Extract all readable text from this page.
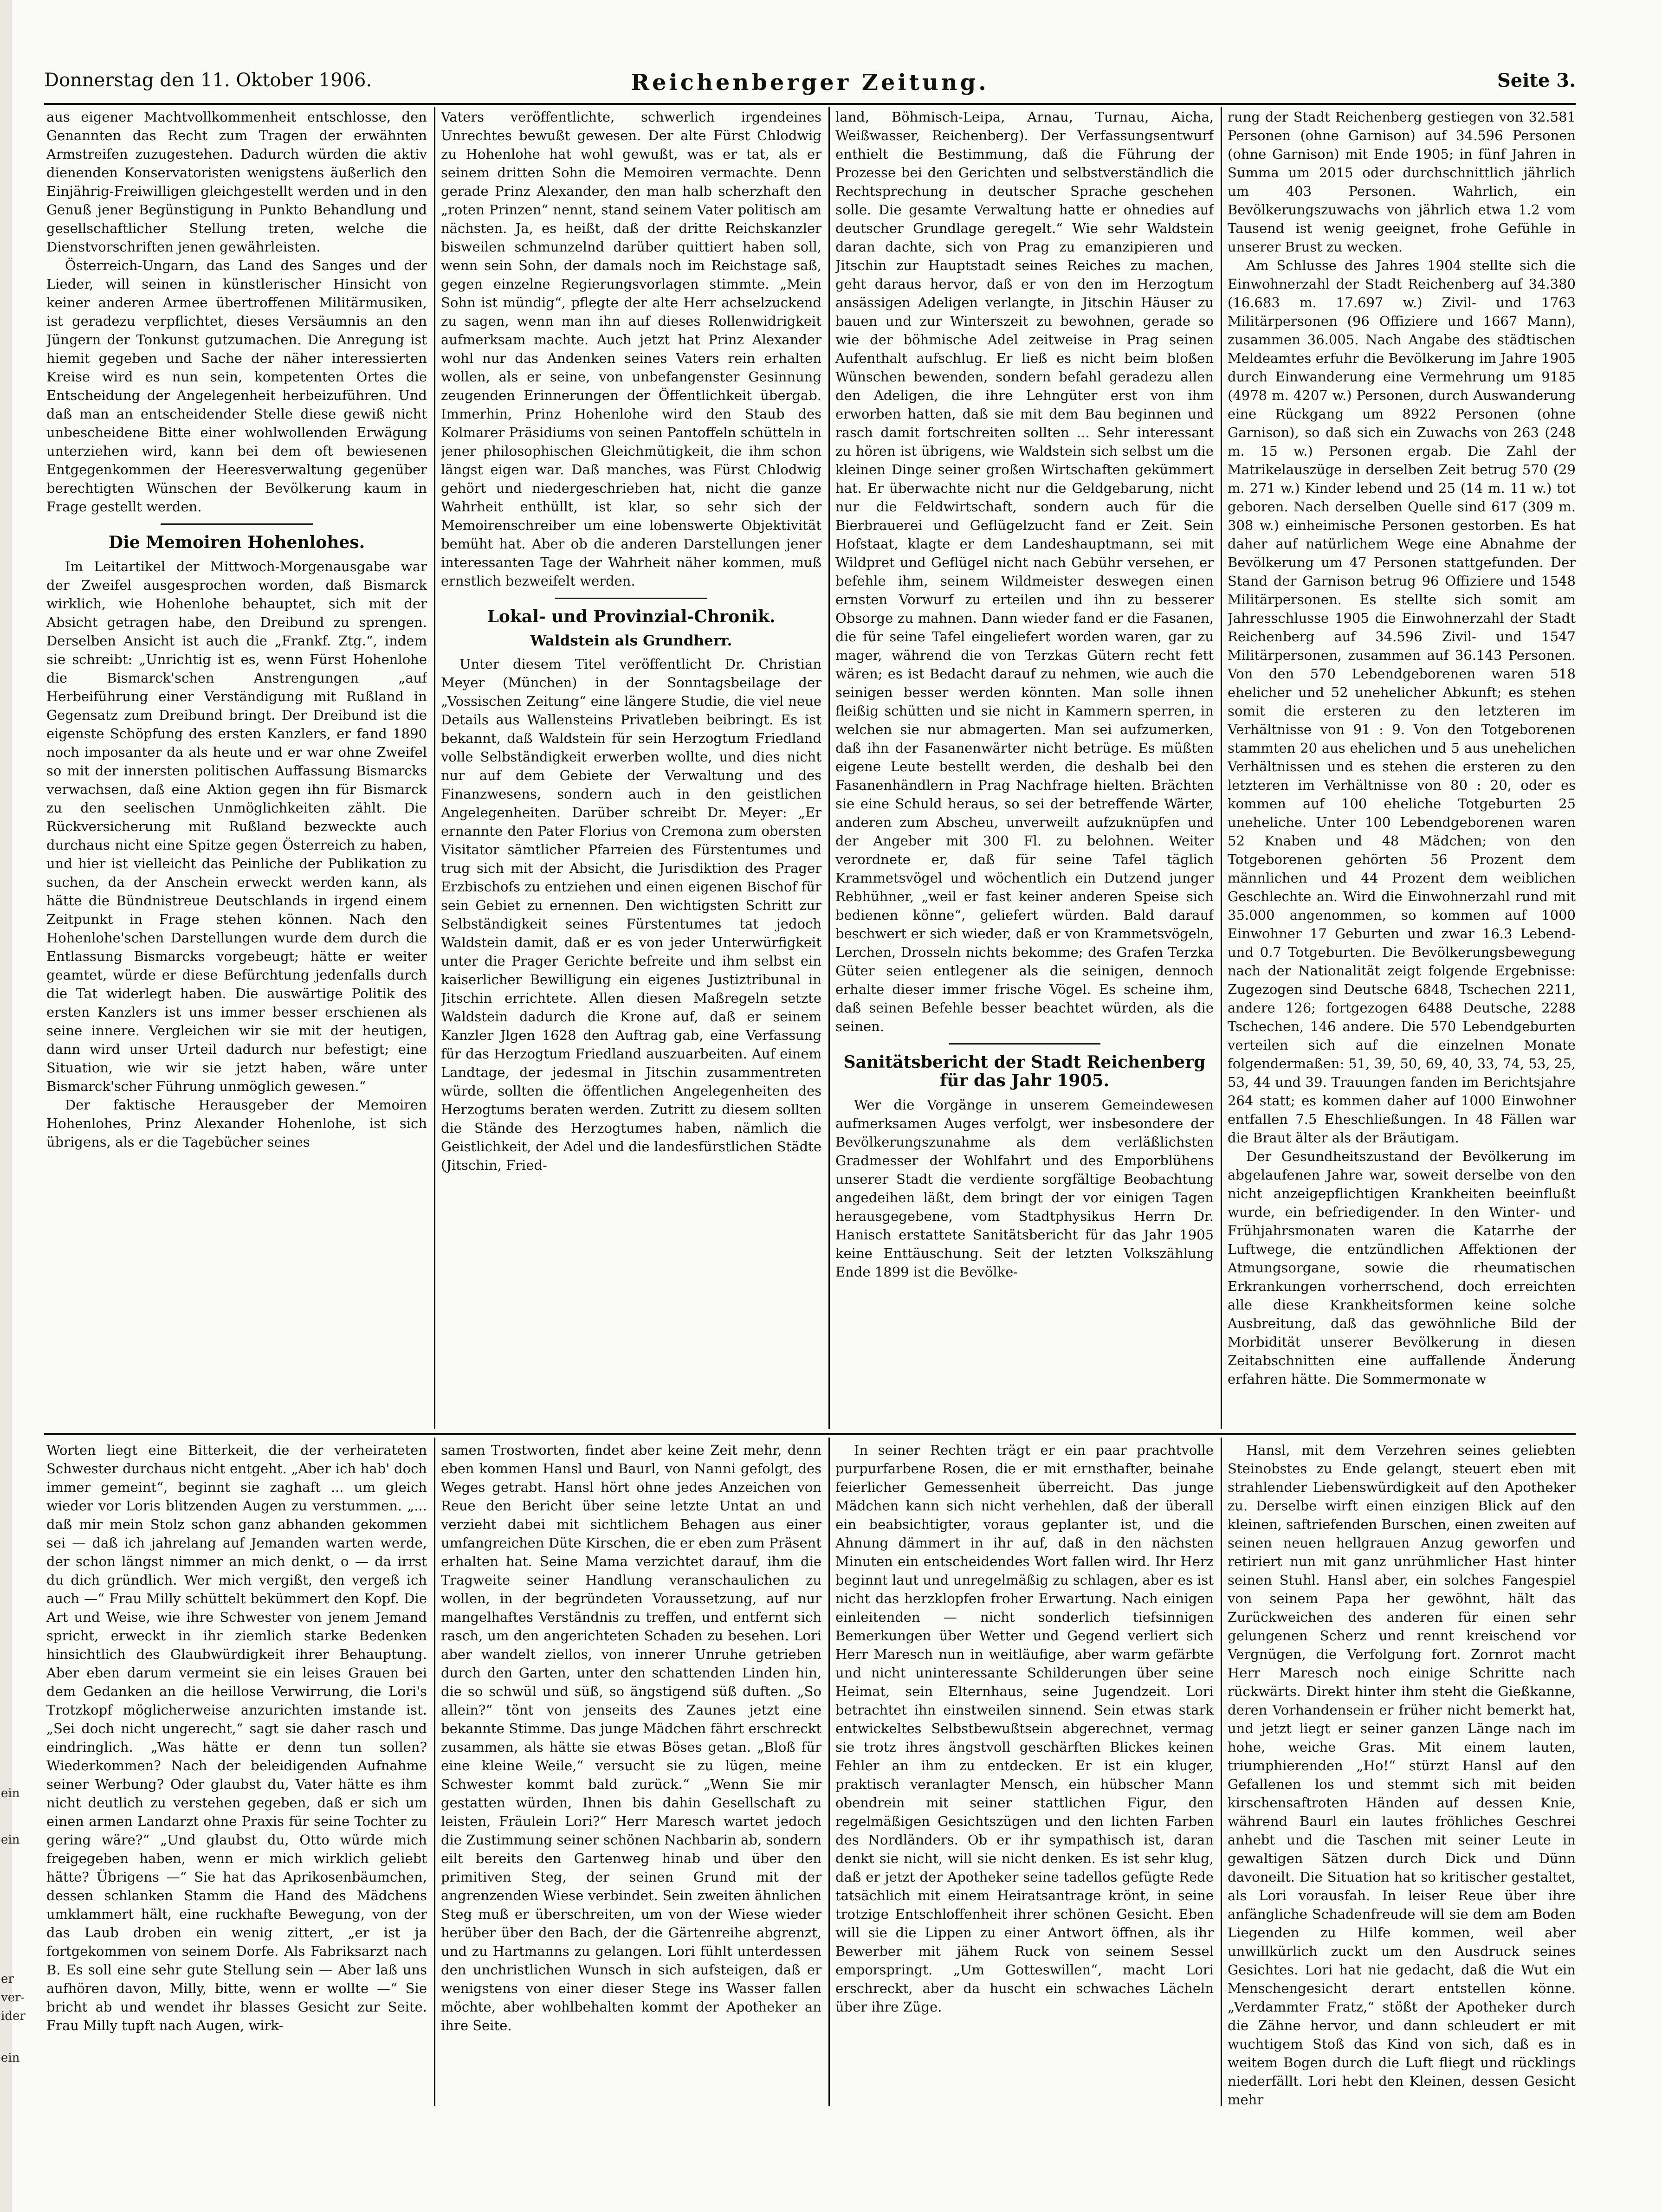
ein
ein
er
ver-
ider
ein
Donnerstag den 11. Oktober 1906.	Reichenberger Zeitung.	Seite 3.

aus eigener Machtvollkommenheit entschlosse, den Genannten das Recht zum Tragen der erwähnten Armstreifen zuzugestehen. Dadurch würden die aktiv dienenden Konservatoristen wenigstens äußerlich den Einjährig-Freiwilligen gleichgestellt werden und in den Genuß jener Begünstigung in Punkto Behandlung und gesellschaftlicher Stellung treten, welche die Dienstvorschriften jenen gewährleisten.

Österreich-Ungarn, das Land des Sanges und der Lieder, will seinen in künstlerischer Hinsicht von keiner anderen Armee übertroffenen Militärmusiken, ist geradezu verpflichtet, dieses Versäumnis an den Jüngern der Tonkunst gutzumachen. Die Anregung ist hiemit gegeben und Sache der näher interessierten Kreise wird es nun sein, kompetenten Ortes die Entscheidung der Angelegenheit herbeizuführen. Und daß man an entscheidender Stelle diese gewiß nicht unbescheidene Bitte einer wohlwollenden Erwägung unterziehen wird, kann bei dem oft bewiesenen Entgegenkommen der Heeresverwaltung gegenüber berechtigten Wünschen der Bevölkerung kaum in Frage gestellt werden.

Die Memoiren Hohenlohes.

Im Leitartikel der Mittwoch-Morgenausgabe war der Zweifel ausgesprochen worden, daß Bismarck wirklich, wie Hohenlohe behauptet, sich mit der Absicht getragen habe, den Dreibund zu sprengen. Derselben Ansicht ist auch die „Frankf. Ztg.“, indem sie schreibt: „Unrichtig ist es, wenn Fürst Hohenlohe die Bismarck'schen Anstrengungen „auf Herbeiführung einer Verständigung mit Rußland in Gegensatz zum Dreibund bringt. Der Dreibund ist die eigenste Schöpfung des ersten Kanzlers, er fand 1890 noch imposanter da als heute und er war ohne Zweifel so mit der innersten politischen Auffassung Bismarcks verwachsen, daß eine Aktion gegen ihn für Bismarck zu den seelischen Unmöglichkeiten zählt. Die Rückversicherung mit Rußland bezweckte auch durchaus nicht eine Spitze gegen Österreich zu haben, und hier ist vielleicht das Peinliche der Publikation zu suchen, da der Anschein erweckt werden kann, als hätte die Bündnistreue Deutschlands in irgend einem Zeitpunkt in Frage stehen können. Nach den Hohenlohe'schen Darstellungen wurde dem durch die Entlassung Bismarcks vorgebeugt; hätte er weiter geamtet, würde er diese Befürchtung jedenfalls durch die Tat widerlegt haben. Die auswärtige Politik des ersten Kanzlers ist uns immer besser erschienen als seine innere. Vergleichen wir sie mit der heutigen, dann wird unser Urteil dadurch nur befestigt; eine Situation, wie wir sie jetzt haben, wäre unter Bismarck'scher Führung unmöglich gewesen.“

Der faktische Herausgeber der Memoiren Hohenlohes, Prinz Alexander Hohenlohe, ist sich übrigens, als er die Tagebücher seines

Vaters veröffentlichte, schwerlich irgendeines Unrechtes bewußt gewesen. Der alte Fürst Chlodwig zu Hohenlohe hat wohl gewußt, was er tat, als er seinem dritten Sohn die Memoiren vermachte. Denn gerade Prinz Alexander, den man halb scherzhaft den „roten Prinzen“ nennt, stand seinem Vater politisch am nächsten. Ja, es heißt, daß der dritte Reichskanzler bisweilen schmunzelnd darüber quittiert haben soll, wenn sein Sohn, der damals noch im Reichstage saß, gegen einzelne Regierungsvorlagen stimmte. „Mein Sohn ist mündig“, pflegte der alte Herr achselzuckend zu sagen, wenn man ihn auf dieses Rollenwidrigkeit aufmerksam machte. Auch jetzt hat Prinz Alexander wohl nur das Andenken seines Vaters rein erhalten wollen, als er seine, von unbefangenster Gesinnung zeugenden Erinnerungen der Öffentlichkeit übergab. Immerhin, Prinz Hohenlohe wird den Staub des Kolmarer Präsidiums von seinen Pantoffeln schütteln in jener philosophischen Gleichmütigkeit, die ihm schon längst eigen war. Daß manches, was Fürst Chlodwig gehört und niedergeschrieben hat, nicht die ganze Wahrheit enthüllt, ist klar, so sehr sich der Memoirenschreiber um eine lobenswerte Objektivität bemüht hat. Aber ob die anderen Darstellungen jener interessanten Tage der Wahrheit näher kommen, muß ernstlich bezweifelt werden.

Lokal- und Provinzial-Chronik.
Waldstein als Grundherr.

Unter diesem Titel veröffentlicht Dr. Christian Meyer (München) in der Sonntagsbeilage der „Vossischen Zeitung“ eine längere Studie, die viel neue Details aus Wallensteins Privatleben beibringt. Es ist bekannt, daß Waldstein für sein Herzogtum Friedland volle Selbständigkeit erwerben wollte, und dies nicht nur auf dem Gebiete der Verwaltung und des Finanzwesens, sondern auch in den geistlichen Angelegenheiten. Darüber schreibt Dr. Meyer: „Er ernannte den Pater Florius von Cremona zum obersten Visitator sämtlicher Pfarreien des Fürstentumes und trug sich mit der Absicht, die Jurisdiktion des Prager Erzbischofs zu entziehen und einen eigenen Bischof für sein Gebiet zu ernennen. Den wichtigsten Schritt zur Selbständigkeit seines Fürstentumes tat jedoch Waldstein damit, daß er es von jeder Unterwürfigkeit unter die Prager Gerichte befreite und ihm selbst ein kaiserlicher Bewilligung ein eigenes Justiztribunal in Jitschin errichtete. Allen diesen Maßregeln setzte Waldstein dadurch die Krone auf, daß er seinem Kanzler Jlgen 1628 den Auftrag gab, eine Verfassung für das Herzogtum Friedland auszuarbeiten. Auf einem Landtage, der jedesmal in Jitschin zusammentreten würde, sollten die öffentlichen Angelegenheiten des Herzogtums beraten werden. Zutritt zu diesem sollten die Stände des Herzogtumes haben, nämlich die Geistlichkeit, der Adel und die landesfürstlichen Städte (Jitschin, Fried-

land, Böhmisch-Leipa, Arnau, Turnau, Aicha, Weißwasser, Reichenberg). Der Verfassungsentwurf enthielt die Bestimmung, daß die Führung der Prozesse bei den Gerichten und selbstverständlich die Rechtsprechung in deutscher Sprache geschehen solle. Die gesamte Verwaltung hatte er ohnedies auf deutscher Grundlage geregelt.“ Wie sehr Waldstein daran dachte, sich von Prag zu emanzipieren und Jitschin zur Hauptstadt seines Reiches zu machen, geht daraus hervor, daß er von den im Herzogtum ansässigen Adeligen verlangte, in Jitschin Häuser zu bauen und zur Winterszeit zu bewohnen, gerade so wie der böhmische Adel zeitweise in Prag seinen Aufenthalt aufschlug. Er ließ es nicht beim bloßen Wünschen bewenden, sondern befahl geradezu allen den Adeligen, die ihre Lehngüter erst von ihm erworben hatten, daß sie mit dem Bau beginnen und rasch damit fortschreiten sollten ... Sehr interessant zu hören ist übrigens, wie Waldstein sich selbst um die kleinen Dinge seiner großen Wirtschaften gekümmert hat. Er überwachte nicht nur die Geldgebarung, nicht nur die Feldwirtschaft, sondern auch für die Bierbrauerei und Geflügelzucht fand er Zeit. Sein Hofstaat, klagte er dem Landeshauptmann, sei mit Wildpret und Geflügel nicht nach Gebühr versehen, er befehle ihm, seinem Wildmeister deswegen einen ernsten Vorwurf zu erteilen und ihn zu besserer Obsorge zu mahnen. Dann wieder fand er die Fasanen, die für seine Tafel eingeliefert worden waren, gar zu mager, während die von Terzkas Gütern recht fett wären; es ist Bedacht darauf zu nehmen, wie auch die seinigen besser werden könnten. Man solle ihnen fleißig schütten und sie nicht in Kammern sperren, in welchen sie nur abmagerten. Man sei aufzumerken, daß ihn der Fasanenwärter nicht betrüge. Es müßten eigene Leute bestellt werden, die deshalb bei den Fasanenhändlern in Prag Nachfrage hielten. Brächten sie eine Schuld heraus, so sei der betreffende Wärter, anderen zum Abscheu, unverweilt aufzuknüpfen und der Angeber mit 300 Fl. zu belohnen. Weiter verordnete er, daß für seine Tafel täglich Krammetsvögel und wöchentlich ein Dutzend junger Rebhühner, „weil er fast keiner anderen Speise sich bedienen könne“, geliefert würden. Bald darauf beschwert er sich wieder, daß er von Krammetsvögeln, Lerchen, Drosseln nichts bekomme; des Grafen Terzka Güter seien entlegener als die seinigen, dennoch erhalte dieser immer frische Vögel. Es scheine ihm, daß seinen Befehle besser beachtet würden, als die seinen.

Sanitätsbericht der Stadt Reichenberg für das Jahr 1905.

Wer die Vorgänge in unserem Gemeindewesen aufmerksamen Auges verfolgt, wer insbesondere der Bevölkerungszunahme als dem verläßlichsten Gradmesser der Wohlfahrt und des Emporblühens unserer Stadt die verdiente sorgfältige Beobachtung angedeihen läßt, dem bringt der vor einigen Tagen herausgegebene, vom Stadtphysikus Herrn Dr. Hanisch erstattete Sanitätsbericht für das Jahr 1905 keine Enttäuschung. Seit der letzten Volkszählung Ende 1899 ist die Bevölke-

rung der Stadt Reichenberg gestiegen von 32.581 Personen (ohne Garnison) auf 34.596 Personen (ohne Garnison) mit Ende 1905; in fünf Jahren in Summa um 2015 oder durchschnittlich jährlich um 403 Personen. Wahrlich, ein Bevölkerungszuwachs von jährlich etwa 1.2 vom Tausend ist wenig geeignet, frohe Gefühle in unserer Brust zu wecken.

Am Schlusse des Jahres 1904 stellte sich die Einwohnerzahl der Stadt Reichenberg auf 34.380 (16.683 m. 17.697 w.) Zivil- und 1763 Militärpersonen (96 Offiziere und 1667 Mann), zusammen 36.005. Nach Angabe des städtischen Meldeamtes erfuhr die Bevölkerung im Jahre 1905 durch Einwanderung eine Vermehrung um 9185 (4978 m. 4207 w.) Personen, durch Auswanderung eine Rückgang um 8922 Personen (ohne Garnison), so daß sich ein Zuwachs von 263 (248 m. 15 w.) Personen ergab. Die Zahl der Matrikelauszüge in derselben Zeit betrug 570 (29 m. 271 w.) Kinder lebend und 25 (14 m. 11 w.) tot geboren. Nach derselben Quelle sind 617 (309 m. 308 w.) einheimische Personen gestorben. Es hat daher auf natürlichem Wege eine Abnahme der Bevölkerung um 47 Personen stattgefunden. Der Stand der Garnison betrug 96 Offiziere und 1548 Militärpersonen. Es stellte sich somit am Jahresschlusse 1905 die Einwohnerzahl der Stadt Reichenberg auf 34.596 Zivil- und 1547 Militärpersonen, zusammen auf 36.143 Personen. Von den 570 Lebendgeborenen waren 518 ehelicher und 52 unehelicher Abkunft; es stehen somit die ersteren zu den letzteren im Verhältnisse von 91 : 9. Von den Totgeborenen stammten 20 aus ehelichen und 5 aus unehelichen Verhältnissen und es stehen die ersteren zu den letzteren im Verhältnisse von 80 : 20, oder es kommen auf 100 eheliche Totgeburten 25 uneheliche. Unter 100 Lebendgeborenen waren 52 Knaben und 48 Mädchen; von den Totgeborenen gehörten 56 Prozent dem männlichen und 44 Prozent dem weiblichen Geschlechte an. Wird die Einwohnerzahl rund mit 35.000 angenommen, so kommen auf 1000 Einwohner 17 Geburten und zwar 16.3 Lebend- und 0.7 Totgeburten. Die Bevölkerungsbewegung nach der Nationalität zeigt folgende Ergebnisse: Zugezogen sind Deutsche 6848, Tschechen 2211, andere 126; fortgezogen 6488 Deutsche, 2288 Tschechen, 146 andere. Die 570 Lebendgeburten verteilen sich auf die einzelnen Monate folgendermaßen: 51, 39, 50, 69, 40, 33, 74, 53, 25, 53, 44 und 39. Trauungen fanden im Berichtsjahre 264 statt; es kommen daher auf 1000 Einwohner entfallen 7.5 Eheschließungen. In 48 Fällen war die Braut älter als der Bräutigam.

Der Gesundheitszustand der Bevölkerung im abgelaufenen Jahre war, soweit derselbe von den nicht anzeigepflichtigen Krankheiten beeinflußt wurde, ein befriedigender. In den Winter- und Frühjahrsmonaten waren die Katarrhe der Luftwege, die entzündlichen Affektionen der Atmungsorgane, sowie die rheumatischen Erkrankungen vorherrschend, doch erreichten alle diese Krankheitsformen keine solche Ausbreitung, daß das gewöhnliche Bild der Morbidität unserer Bevölkerung in diesen Zeitabschnitten eine auffallende Änderung erfahren hätte. Die Sommermonate w

Worten liegt eine Bitterkeit, die der verheirateten Schwester durchaus nicht entgeht. „Aber ich hab' doch immer gemeint“, beginnt sie zaghaft ... um gleich wieder vor Loris blitzenden Augen zu verstummen. „... daß mir mein Stolz schon ganz abhanden gekommen sei — daß ich jahrelang auf Jemanden warten werde, der schon längst nimmer an mich denkt, o — da irrst du dich gründlich. Wer mich vergißt, den vergeß ich auch —“ Frau Milly schüttelt bekümmert den Kopf. Die Art und Weise, wie ihre Schwester von jenem Jemand spricht, erweckt in ihr ziemlich starke Bedenken hinsichtlich des Glaubwürdigkeit ihrer Behauptung. Aber eben darum vermeint sie ein leises Grauen bei dem Gedanken an die heillose Verwirrung, die Lori's Trotzkopf möglicherweise anzurichten imstande ist. „Sei doch nicht ungerecht,“ sagt sie daher rasch und eindringlich. „Was hätte er denn tun sollen? Wiederkommen? Nach der beleidigenden Aufnahme seiner Werbung? Oder glaubst du, Vater hätte es ihm nicht deutlich zu verstehen gegeben, daß er sich um einen armen Landarzt ohne Praxis für seine Tochter zu gering wäre?“ „Und glaubst du, Otto würde mich freigegeben haben, wenn er mich wirklich geliebt hätte? Übrigens —“ Sie hat das Aprikosenbäumchen, dessen schlanken Stamm die Hand des Mädchens umklammert hält, eine ruckhafte Bewegung, von der das Laub droben ein wenig zittert, „er ist ja fortgekommen von seinem Dorfe. Als Fabriksarzt nach B. Es soll eine sehr gute Stellung sein — Aber laß uns aufhören davon, Milly, bitte, wenn er wollte —“ Sie bricht ab und wendet ihr blasses Gesicht zur Seite. Frau Milly tupft nach Augen, wirk-

samen Trostworten, findet aber keine Zeit mehr, denn eben kommen Hansl und Baurl, von Nanni gefolgt, des Weges getrabt. Hansl hört ohne jedes Anzeichen von Reue den Bericht über seine letzte Untat an und verzieht dabei mit sichtlichem Behagen aus einer umfangreichen Düte Kirschen, die er eben zum Präsent erhalten hat. Seine Mama verzichtet darauf, ihm die Tragweite seiner Handlung veranschaulichen zu wollen, in der begründeten Voraussetzung, auf nur mangelhaftes Verständnis zu treffen, und entfernt sich rasch, um den angerichteten Schaden zu besehen. Lori aber wandelt ziellos, von innerer Unruhe getrieben durch den Garten, unter den schattenden Linden hin, die so schwül und süß, so ängstigend süß duften. „So allein?“ tönt von jenseits des Zaunes jetzt eine bekannte Stimme. Das junge Mädchen fährt erschreckt zusammen, als hätte sie etwas Böses getan. „Bloß für eine kleine Weile,“ versucht sie zu lügen, meine Schwester kommt bald zurück.“ „Wenn Sie mir gestatten würden, Ihnen bis dahin Gesellschaft zu leisten, Fräulein Lori?“ Herr Maresch wartet jedoch die Zustimmung seiner schönen Nachbarin ab, sondern eilt bereits den Gartenweg hinab und über den primitiven Steg, der seinen Grund mit der angrenzenden Wiese verbindet. Sein zweiten ähnlichen Steg muß er überschreiten, um von der Wiese wieder herüber über den Bach, der die Gärtenreihe abgrenzt, und zu Hartmanns zu gelangen. Lori fühlt unterdessen den unchristlichen Wunsch in sich aufsteigen, daß er wenigstens von einer dieser Stege ins Wasser fallen möchte, aber wohlbehalten kommt der Apotheker an ihre Seite.

In seiner Rechten trägt er ein paar prachtvolle purpurfarbene Rosen, die er mit ernsthafter, beinahe feierlicher Gemessenheit überreicht. Das junge Mädchen kann sich nicht verhehlen, daß der überall ein beabsichtigter, voraus geplanter ist, und die Ahnung dämmert in ihr auf, daß in den nächsten Minuten ein entscheidendes Wort fallen wird. Ihr Herz beginnt laut und unregelmäßig zu schlagen, aber es ist nicht das herzklopfen froher Erwartung. Nach einigen einleitenden — nicht sonderlich tiefsinnigen Bemerkungen über Wetter und Gegend verliert sich Herr Maresch nun in weitläufige, aber warm gefärbte und nicht uninteressante Schilderungen über seine Heimat, sein Elternhaus, seine Jugendzeit. Lori betrachtet ihn einstweilen sinnend. Sein etwas stark entwickeltes Selbstbewußtsein abgerechnet, vermag sie trotz ihres ängstvoll geschärften Blickes keinen Fehler an ihm zu entdecken. Er ist ein kluger, praktisch veranlagter Mensch, ein hübscher Mann obendrein mit seiner stattlichen Figur, den regelmäßigen Gesichtszügen und den lichten Farben des Nordländers. Ob er ihr sympathisch ist, daran denkt sie nicht, will sie nicht denken. Es ist sehr klug, daß er jetzt der Apotheker seine tadellos gefügte Rede tatsächlich mit einem Heiratsantrage krönt, in seine trotzige Entschloffenheit ihrer schönen Gesicht. Eben will sie die Lippen zu einer Antwort öffnen, als ihr Bewerber mit jähem Ruck von seinem Sessel emporspringt. „Um Gotteswillen“, macht Lori erschreckt, aber da huscht ein schwaches Lächeln über ihre Züge.

Hansl, mit dem Verzehren seines geliebten Steinobstes zu Ende gelangt, steuert eben mit strahlender Liebenswürdigkeit auf den Apotheker zu. Derselbe wirft einen einzigen Blick auf den kleinen, saftriefenden Burschen, einen zweiten auf seinen neuen hellgrauen Anzug geworfen und retiriert nun mit ganz unrühmlicher Hast hinter seinen Stuhl. Hansl aber, ein solches Fangespiel von seinem Papa her gewöhnt, hält das Zurückweichen des anderen für einen sehr gelungenen Scherz und rennt kreischend vor Vergnügen, die Verfolgung fort. Zornrot macht Herr Maresch noch einige Schritte nach rückwärts. Direkt hinter ihm steht die Gießkanne, deren Vorhandensein er früher nicht bemerkt hat, und jetzt liegt er seiner ganzen Länge nach im hohe, weiche Gras. Mit einem lauten, triumphierenden „Ho!“ stürzt Hansl auf den Gefallenen los und stemmt sich mit beiden kirschensaftroten Händen auf dessen Knie, während Baurl ein lautes fröhliches Geschrei anhebt und die Taschen mit seiner Leute in gewaltigen Sätzen durch Dick und Dünn davoneilt. Die Situation hat so kritischer gestaltet, als Lori vorausfah. In leiser Reue über ihre anfängliche Schadenfreude will sie dem am Boden Liegenden zu Hilfe kommen, weil aber unwillkürlich zuckt um den Ausdruck seines Gesichtes. Lori hat nie gedacht, daß die Wut ein Menschengesicht derart entstellen könne. „Verdammter Fratz,“ stößt der Apotheker durch die Zähne hervor, und dann schleudert er mit wuchtigem Stoß das Kind von sich, daß es in weitem Bogen durch die Luft fliegt und rücklings niederfällt. Lori hebt den Kleinen, dessen Gesicht mehr
